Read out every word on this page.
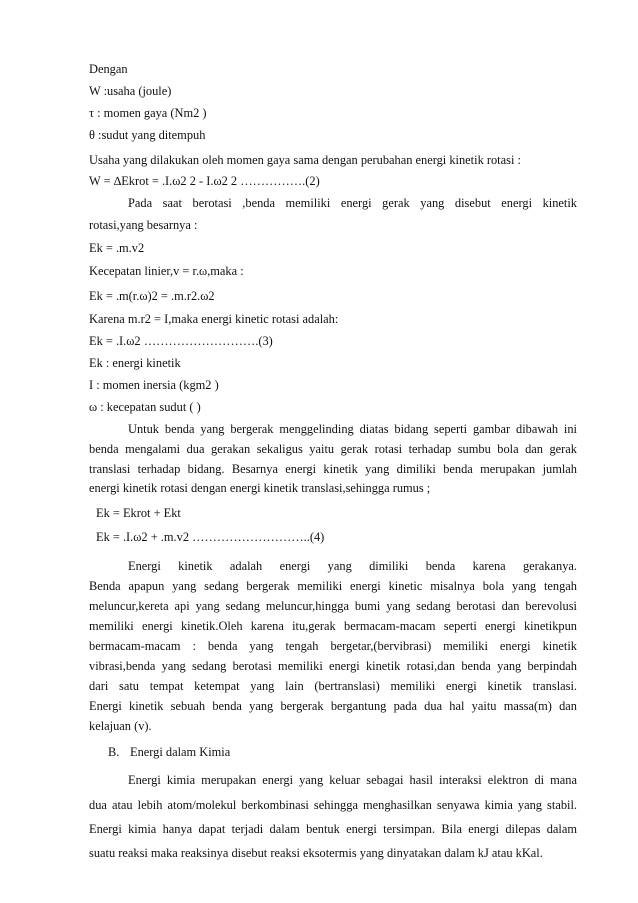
Dengan
W :usaha (joule)
τ : momen gaya (Nm2 )
θ :sudut yang ditempuh
Usaha yang dilakukan oleh momen gaya sama dengan perubahan energi kinetik rotasi :
W = ∆Ekrot = .I.ω2 2 - I.ω2 2 …………….(2)
Pada saat berotasi ,benda memiliki energi gerak yang disebut energi kinetik
rotasi,yang besarnya :
Ek = .m.v2
Kecepatan linier,v = r.ω,maka :
Ek = .m(r.ω)2 = .m.r2.ω2
Karena m.r2 = I,maka energi kinetic rotasi adalah:
Ek = .I.ω2 ……………………….(3)
Ek : energi kinetik
I : momen inersia (kgm2 )
ω : kecepatan sudut ( )
Untuk benda yang bergerak menggelinding diatas bidang seperti gambar dibawah ini
benda mengalami dua gerakan sekaligus yaitu gerak rotasi terhadap sumbu bola dan gerak
translasi terhadap bidang. Besarnya energi kinetik yang dimiliki benda merupakan jumlah
energi kinetik rotasi dengan energi kinetik translasi,sehingga rumus ;
Ek = Ekrot + Ekt
Ek = .I.ω2 + .m.v2 ………………………..(4)
Energi kinetik adalah energi yang dimiliki benda karena gerakanya.
Benda apapun yang sedang bergerak memiliki energi kinetic misalnya bola yang tengah
meluncur,kereta api yang sedang meluncur,hingga bumi yang sedang berotasi dan berevolusi
memiliki energi kinetik.Oleh karena itu,gerak bermacam-macam seperti energi kinetikpun
bermacam-macam : benda yang tengah bergetar,(bervibrasi) memiliki energi kinetik
vibrasi,benda yang sedang berotasi memiliki energi kinetik rotasi,dan benda yang berpindah
dari satu tempat ketempat yang lain (bertranslasi) memiliki energi kinetik translasi.
Energi kinetik sebuah benda yang bergerak bergantung pada dua hal yaitu massa(m) dan
kelajuan (v).
B. Energi dalam Kimia
Energi kimia merupakan energi yang keluar sebagai hasil interaksi elektron di mana
dua atau lebih atom/molekul berkombinasi sehingga menghasilkan senyawa kimia yang stabil.
Energi kimia hanya dapat terjadi dalam bentuk energi tersimpan. Bila energi dilepas dalam
suatu reaksi maka reaksinya disebut reaksi eksotermis yang dinyatakan dalam kJ atau kKal.
